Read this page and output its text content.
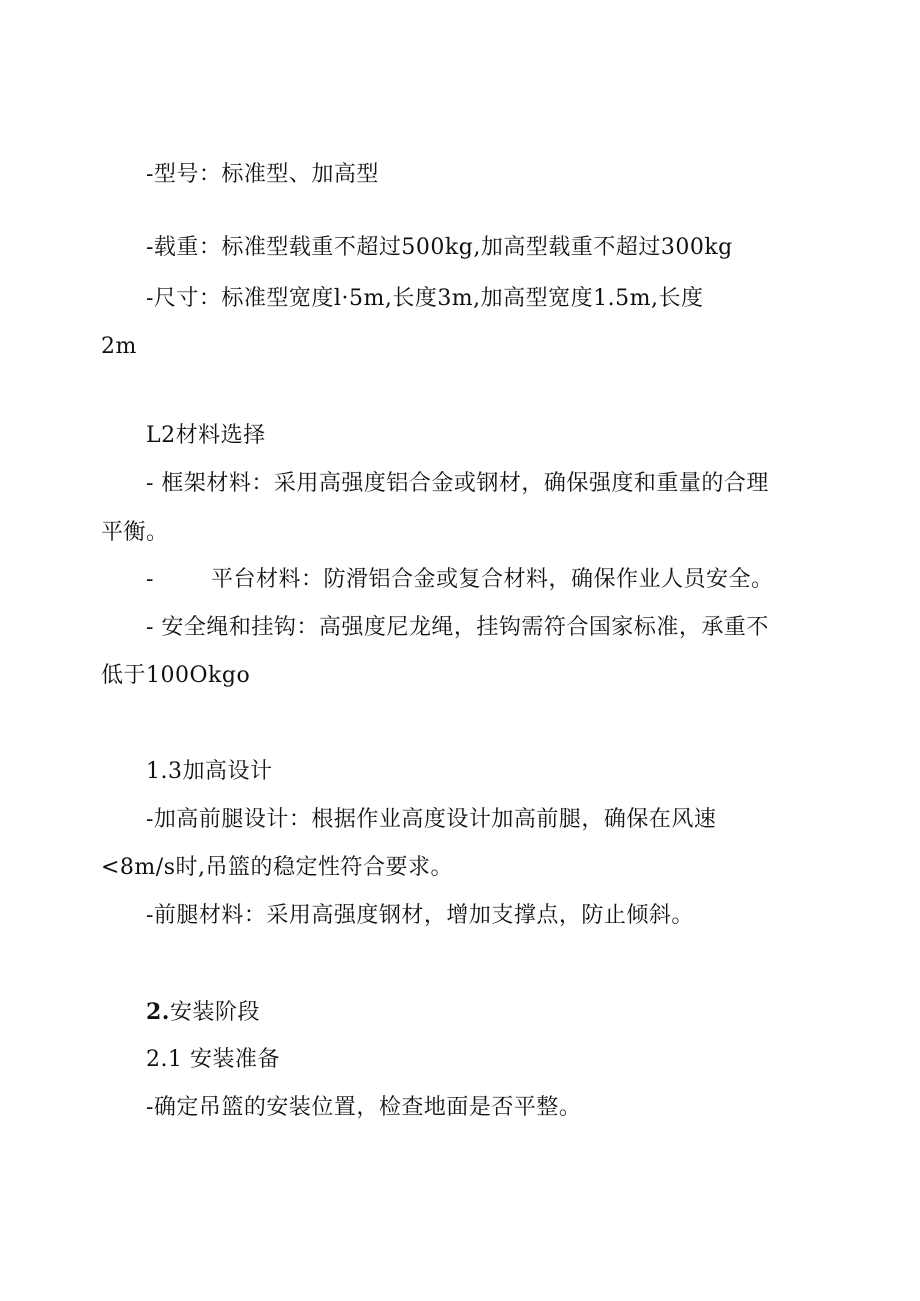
-型号：标准型、加高型
-载重：标准型载重不超过500kg,加高型载重不超过300kg
-尺寸：标准型宽度l·5m,长度3m,加高型宽度1.5m,长度
2m
L2材料选择
- 框架材料：采用高强度铝合金或钢材，确保强度和重量的合理
平衡。
-	平台材料：防滑铝合金或复合材料，确保作业人员安全。
- 安全绳和挂钩：高强度尼龙绳，挂钩需符合国家标准，承重不
低于100Okgo
1.3加高设计
-加高前腿设计：根据作业高度设计加高前腿，确保在风速
<8m/s时,吊篮的稳定性符合要求。
-前腿材料：采用高强度钢材，增加支撑点，防止倾斜。
2.安装阶段
2.1 安装准备
-确定吊篮的安装位置，检查地面是否平整。
